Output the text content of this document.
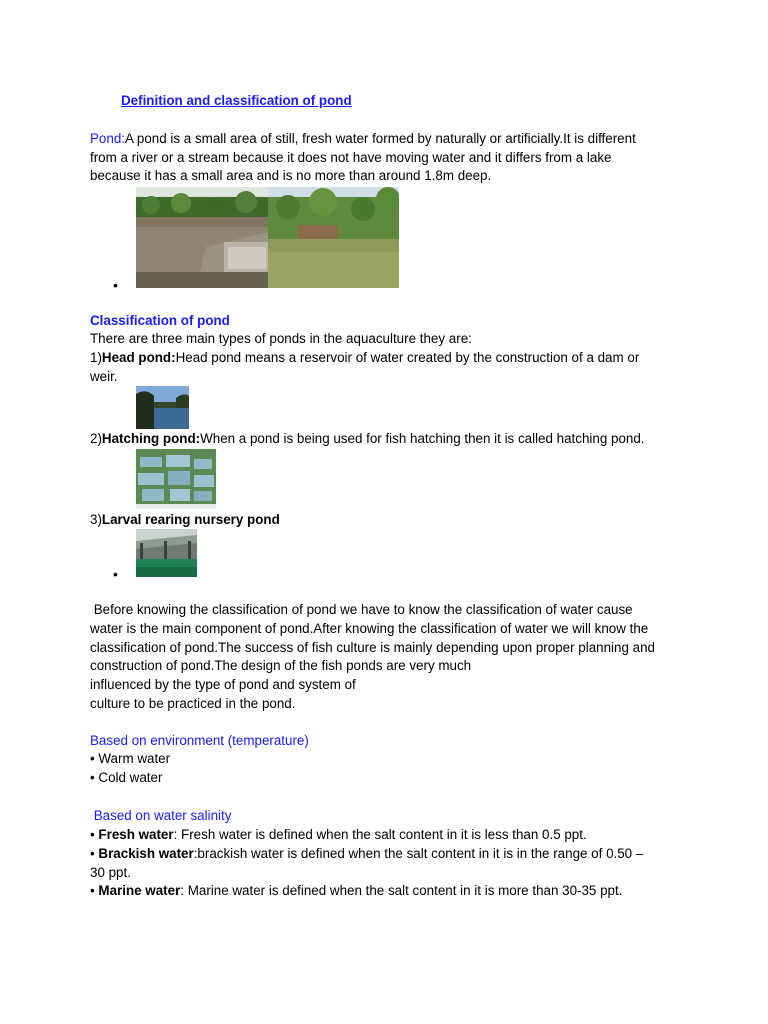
Definition and classification of pond
Pond:A pond is a small area of still, fresh water formed by naturally or artificially.It is different
from a river or a stream because it does not have moving water and it differs from a lake
because it has a small area and is no more than around 1.8m deep.
•
Classification of pond
There are three main types of ponds in the aquaculture they are:
1)Head pond:Head pond means a reservoir of water created by the construction of a dam or
weir.
2)Hatching pond:When a pond is being used for fish hatching then it is called hatching pond.
3)Larval rearing nursery pond
•
Before knowing the classification of pond we have to know the classification of water cause
water is the main component of pond.After knowing the classification of water we will know the
classification of pond.The success of fish culture is mainly depending upon proper planning and
construction of pond.The design of the fish ponds are very much
influenced by the type of pond and system of
culture to be practiced in the pond.
Based on environment (temperature)
• Warm water
• Cold water
Based on water salinity
• Fresh water: Fresh water is defined when the salt content in it is less than 0.5 ppt.
• Brackish water:brackish water is defined when the salt content in it is in the range of 0.50 –
30 ppt.
• Marine water: Marine water is defined when the salt content in it is more than 30-35 ppt.
